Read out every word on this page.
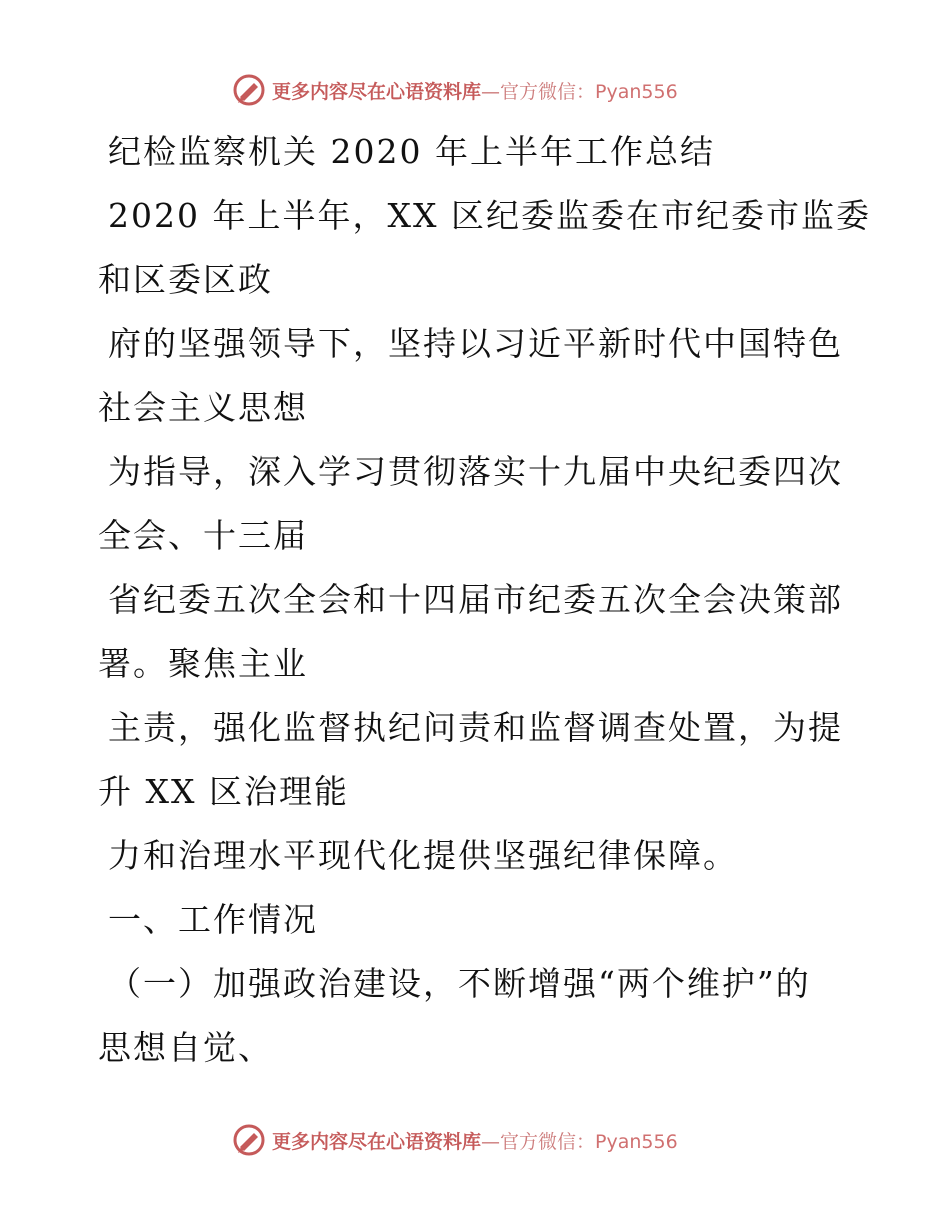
更多内容尽在心语资料库—官方微信：Pyan556
纪检监察机关 2020 年上半年工作总结
2020 年上半年，XX 区纪委监委在市纪委市监委
和区委区政
府的坚强领导下，坚持以习近平新时代中国特色
社会主义思想
为指导，深入学习贯彻落实十九届中央纪委四次
全会、十三届
省纪委五次全会和十四届市纪委五次全会决策部
署。聚焦主业
主责，强化监督执纪问责和监督调查处置，为提
升 XX 区治理能
力和治理水平现代化提供坚强纪律保障。
一、工作情况
（一）加强政治建设，不断增强“两个维护”的
思想自觉、
更多内容尽在心语资料库—官方微信：Pyan556
